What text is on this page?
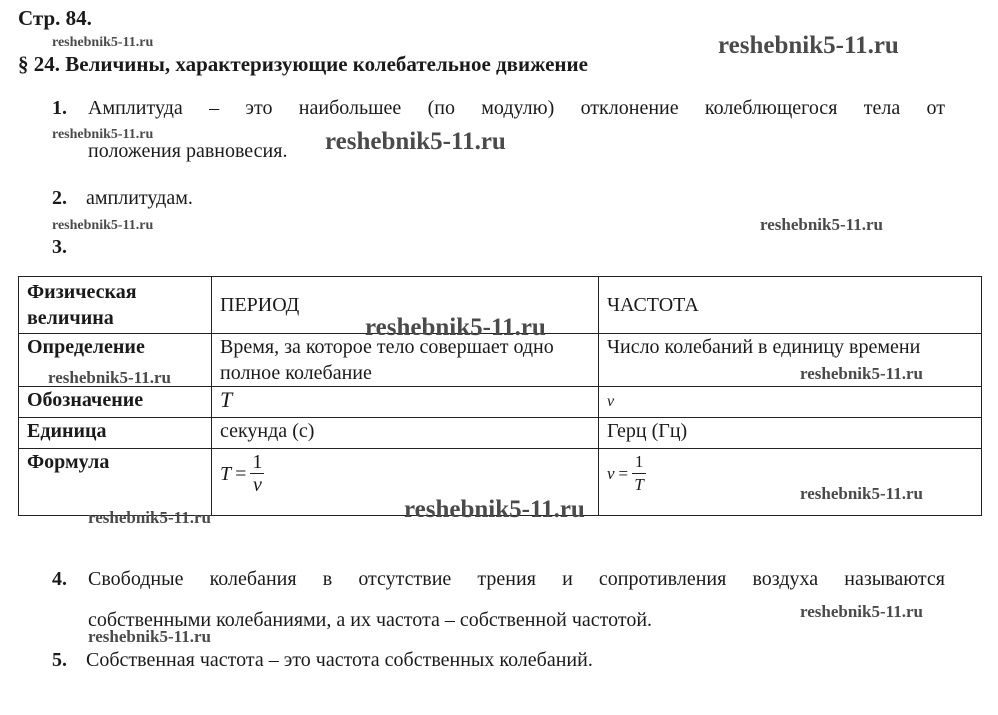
Стр. 84.
§ 24. Величины, характеризующие колебательное движение
1. Амплитуда – это наибольшее (по модулю) отклонение колеблющегося тела от
положения равновесия.
2. амплитудам.
3.
Физическая величина	ПЕРИОД	ЧАСТОТА
Определение	Время, за которое тело совершает одно полное колебание	Число колебаний в единицу времени
Обозначение	T	ν
Единица	секунда (с)	Герц (Гц)
Формула	$T = \frac{1}{\nu}$	$\nu = \frac{1}{T}$
4. Свободные колебания в отсутствие трения и сопротивления воздуха называются
собственными колебаниями, а их частота – собственной частотой.
5. Собственная частота – это частота собственных колебаний.
reshebnik5-11.ru	reshebnik5-11.ru
reshebnik5-11.ru	reshebnik5-11.ru
reshebnik5-11.ru	reshebnik5-11.ru
reshebnik5-11.ru
reshebnik5-11.ru	reshebnik5-11.ru
reshebnik5-11.ru
reshebnik5-11.ru	reshebnik5-11.ru
reshebnik5-11.ru
reshebnik5-11.ru
